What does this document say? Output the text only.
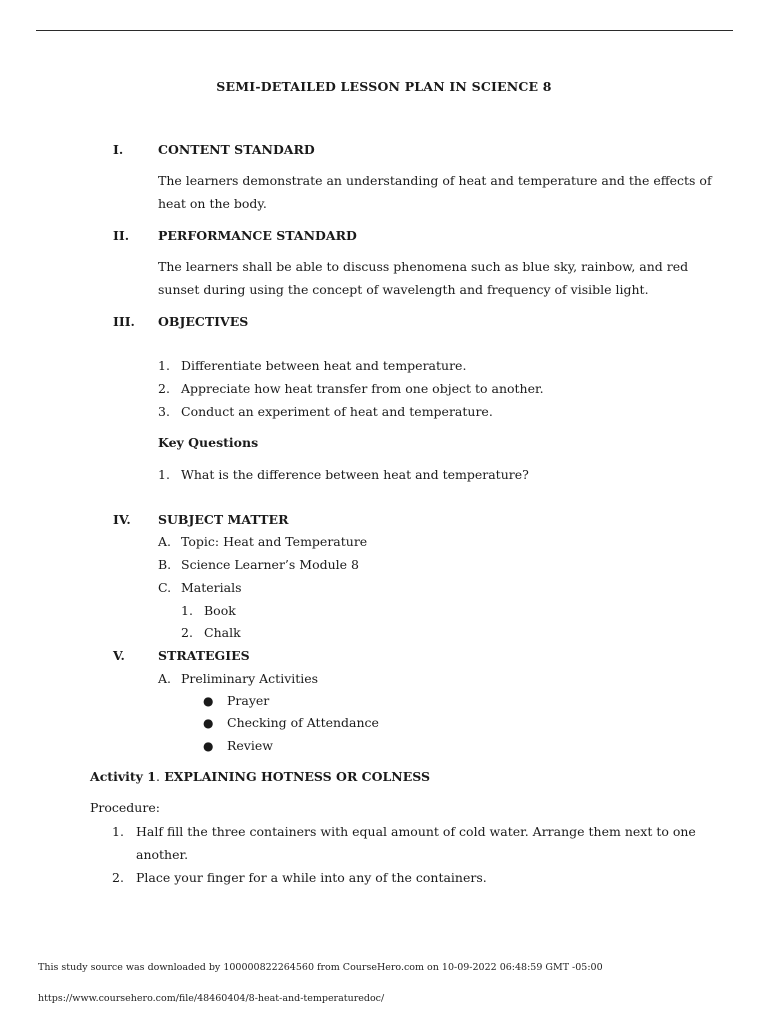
SEMI-DETAILED LESSON PLAN IN SCIENCE 8
I.	CONTENT STANDARD
The learners demonstrate an understanding of heat and temperature and the effects of
heat on the body.
II. PERFORMANCE STANDARD
The learners shall be able to discuss phenomena such as blue sky, rainbow, and red
sunset during using the concept of wavelength and frequency of visible light.
III. OBJECTIVES
1. Differentiate between heat and temperature.
2. Appreciate how heat transfer from one object to another.
3. Conduct an experiment of heat and temperature.
Key Questions
1. What is the difference between heat and temperature?
IV. SUBJECT MATTER
A. Topic: Heat and Temperature
B. Science Learner’s Module 8
C. Materials
1. Book
2. Chalk
V.	STRATEGIES
A. Preliminary Activities
● Prayer
● Checking of Attendance
● Review
Activity 1. EXPLAINING HOTNESS OR COLNESS
Procedure:
1. Half fill the three containers with equal amount of cold water. Arrange them next to one
another.
2. Place your finger for a while into any of the containers.
This study source was downloaded by 100000822264560 from CourseHero.com on 10-09-2022 06:48:59 GMT -05:00
https://www.coursehero.com/file/48460404/8-heat-and-temperaturedoc/
